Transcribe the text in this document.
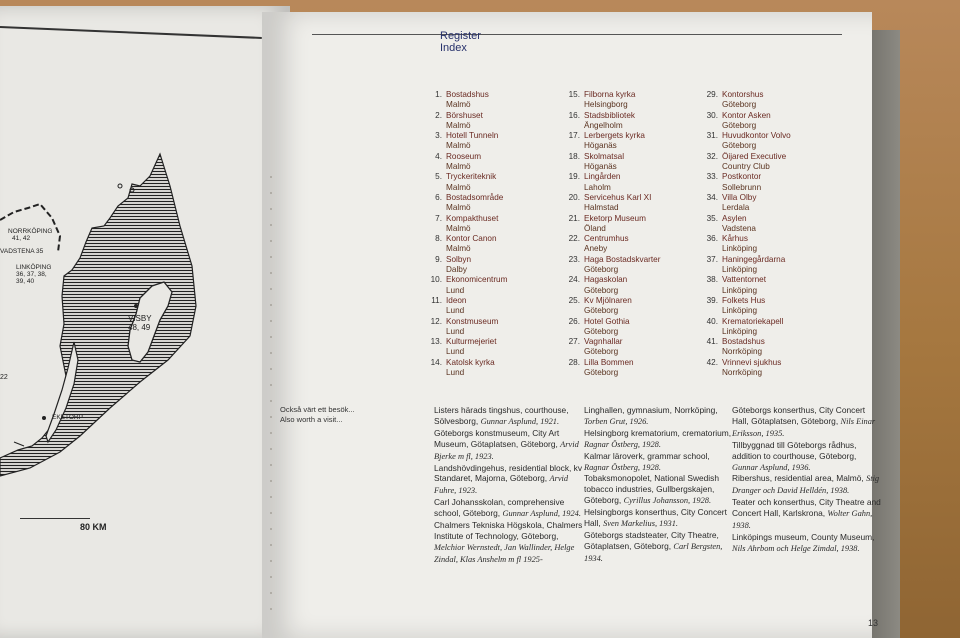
NORRKÖPING
41, 42
VADSTENA 35
LINKÖPING
36, 37, 38,
39, 40
VISBY
48, 49
EKETORP
22
80 KM
Register
Index
1. Bostadshus
Malmö
2. Börshuset
Malmö
3. Hotell Tunneln
Malmö
4. Rooseum
Malmö
5. Tryckeriteknik
Malmö
6. Bostadsområde
Malmö
7. Kompakthuset
Malmö
8. Kontor Canon
Malmö
9. Solbyn
Dalby
10. Ekonomicentrum
Lund
11. Ideon
Lund
12. Konstmuseum
Lund
13. Kulturmejeriet
Lund
14. Katolsk kyrka
Lund
15. Filborna kyrka
Helsingborg
16. Stadsbibliotek
Ängelholm
17. Lerbergets kyrka
Höganäs
18. Skolmatsal
Höganäs
19. Lingården
Laholm
20. Servicehus Karl XI
Halmstad
21. Eketorp Museum
Öland
22. Centrumhus
Aneby
23. Haga Bostadskvarter
Göteborg
24. Hagaskolan
Göteborg
25. Kv Mjölnaren
Göteborg
26. Hotel Gothia
Göteborg
27. Vagnhallar
Göteborg
28. Lilla Bommen
Göteborg
29. Kontorshus
Göteborg
30. Kontor Asken
Göteborg
31. Huvudkontor Volvo
Göteborg
32. Öijared Executive
Country Club
33. Postkontor
Sollebrunn
34. Villa Olby
Lerdala
35. Asylen
Vadstena
36. Kårhus
Linköping
37. Haningegårdarna
Linköping
38. Vattentornet
Linköping
39. Folkets Hus
Linköping
40. Krematoriekapell
Linköping
41. Bostadshus
Norrköping
42. Vrinnevi sjukhus
Norrköping
Också värt ett besök...
Also worth a visit...

Listers härads tingshus, courthouse, Sölvesborg, Gunnar Asplund, 1921.

Göteborgs konstmuseum, City Art Museum, Götaplatsen, Göteborg, Arvid Bjerke m fl, 1923.

Landshövdingehus, residential block, kv Standaret, Majorna, Göteborg, Arvid Fuhre, 1923.

Carl Johansskolan, comprehensive school, Göteborg, Gunnar Asplund, 1924.

Chalmers Tekniska Högskola, Chalmers Institute of Technology, Göteborg, Melchior Wernstedt, Jan Wallinder, Helge Zindal, Klas Anshelm m fl 1925-

Linghallen, gymnasium, Norrköping, Torben Grut, 1926.

Helsingborg krematorium, crematorium, Ragnar Östberg, 1928.

Kalmar läroverk, grammar school, Ragnar Östberg, 1928.

Tobaksmonopolet, National Swedish tobacco industries, Gullbergskajen, Göteborg, Cyrillus Johansson, 1928.

Helsingborgs konserthus, City Concert Hall, Sven Markelius, 1931.

Göteborgs stadsteater, City Theatre, Götaplatsen, Göteborg, Carl Bergsten, 1934.

Göteborgs konserthus, City Concert Hall, Götaplatsen, Göteborg, Nils Einar Eriksson, 1935.

Tillbyggnad till Göteborgs rådhus, addition to courthouse, Göteborg, Gunnar Asplund, 1936.

Ribershus, residential area, Malmö, Stig Dranger och David Helldén, 1938.

Teater och konserthus, City Theatre and Concert Hall, Karlskrona, Wolter Gahn, 1938.

Linköpings museum, County Museum, Nils Ahrbom och Helge Zimdal, 1938.

13
